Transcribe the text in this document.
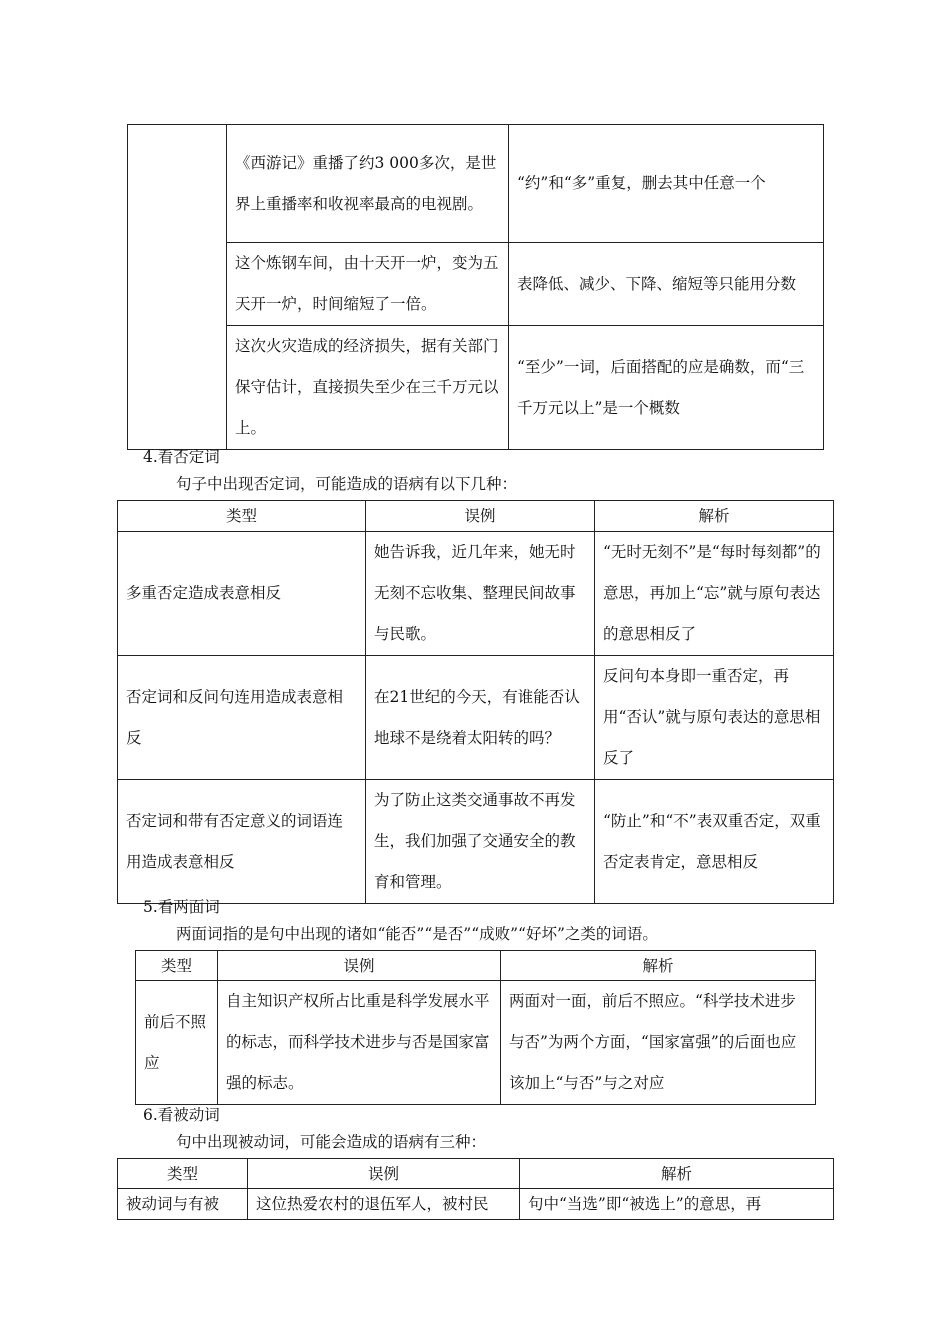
	《西游记》重播了约3 000多次，是世界上重播率和收视率最高的电视剧。	“约”和“多”重复，删去其中任意一个
	这个炼钢车间，由十天开一炉，变为五天开一炉，时间缩短了一倍。	表降低、减少、下降、缩短等只能用分数
	这次火灾造成的经济损失，据有关部门保守估计，直接损失至少在三千万元以上。	“至少”一词，后面搭配的应是确数，而“三千万元以上”是一个概数
4.看否定词
句子中出现否定词，可能造成的语病有以下几种：
类型	误例	解析
多重否定造成表意相反	她告诉我，近几年来，她无时无刻不忘收集、整理民间故事与民歌。	“无时无刻不”是“每时每刻都”的意思，再加上“忘”就与原句表达的意思相反了
否定词和反问句连用造成表意相反	在21世纪的今天，有谁能否认地球不是绕着太阳转的吗？	反问句本身即一重否定，再用“否认”就与原句表达的意思相反了
否定词和带有否定意义的词语连用造成表意相反	为了防止这类交通事故不再发生，我们加强了交通安全的教育和管理。	“防止”和“不”表双重否定，双重否定表肯定，意思相反
5.看两面词
两面词指的是句中出现的诸如“能否”“是否”“成败”“好坏”之类的词语。
类型	误例	解析
前后不照应	自主知识产权所占比重是科学发展水平的标志，而科学技术进步与否是国家富强的标志。	两面对一面，前后不照应。“科学技术进步与否”为两个方面，“国家富强”的后面也应该加上“与否”与之对应
6.看被动词
句中出现被动词，可能会造成的语病有三种：
类型	误例	解析
被动词与有被	这位热爱农村的退伍军人，被村民	句中“当选”即“被选上”的意思，再
